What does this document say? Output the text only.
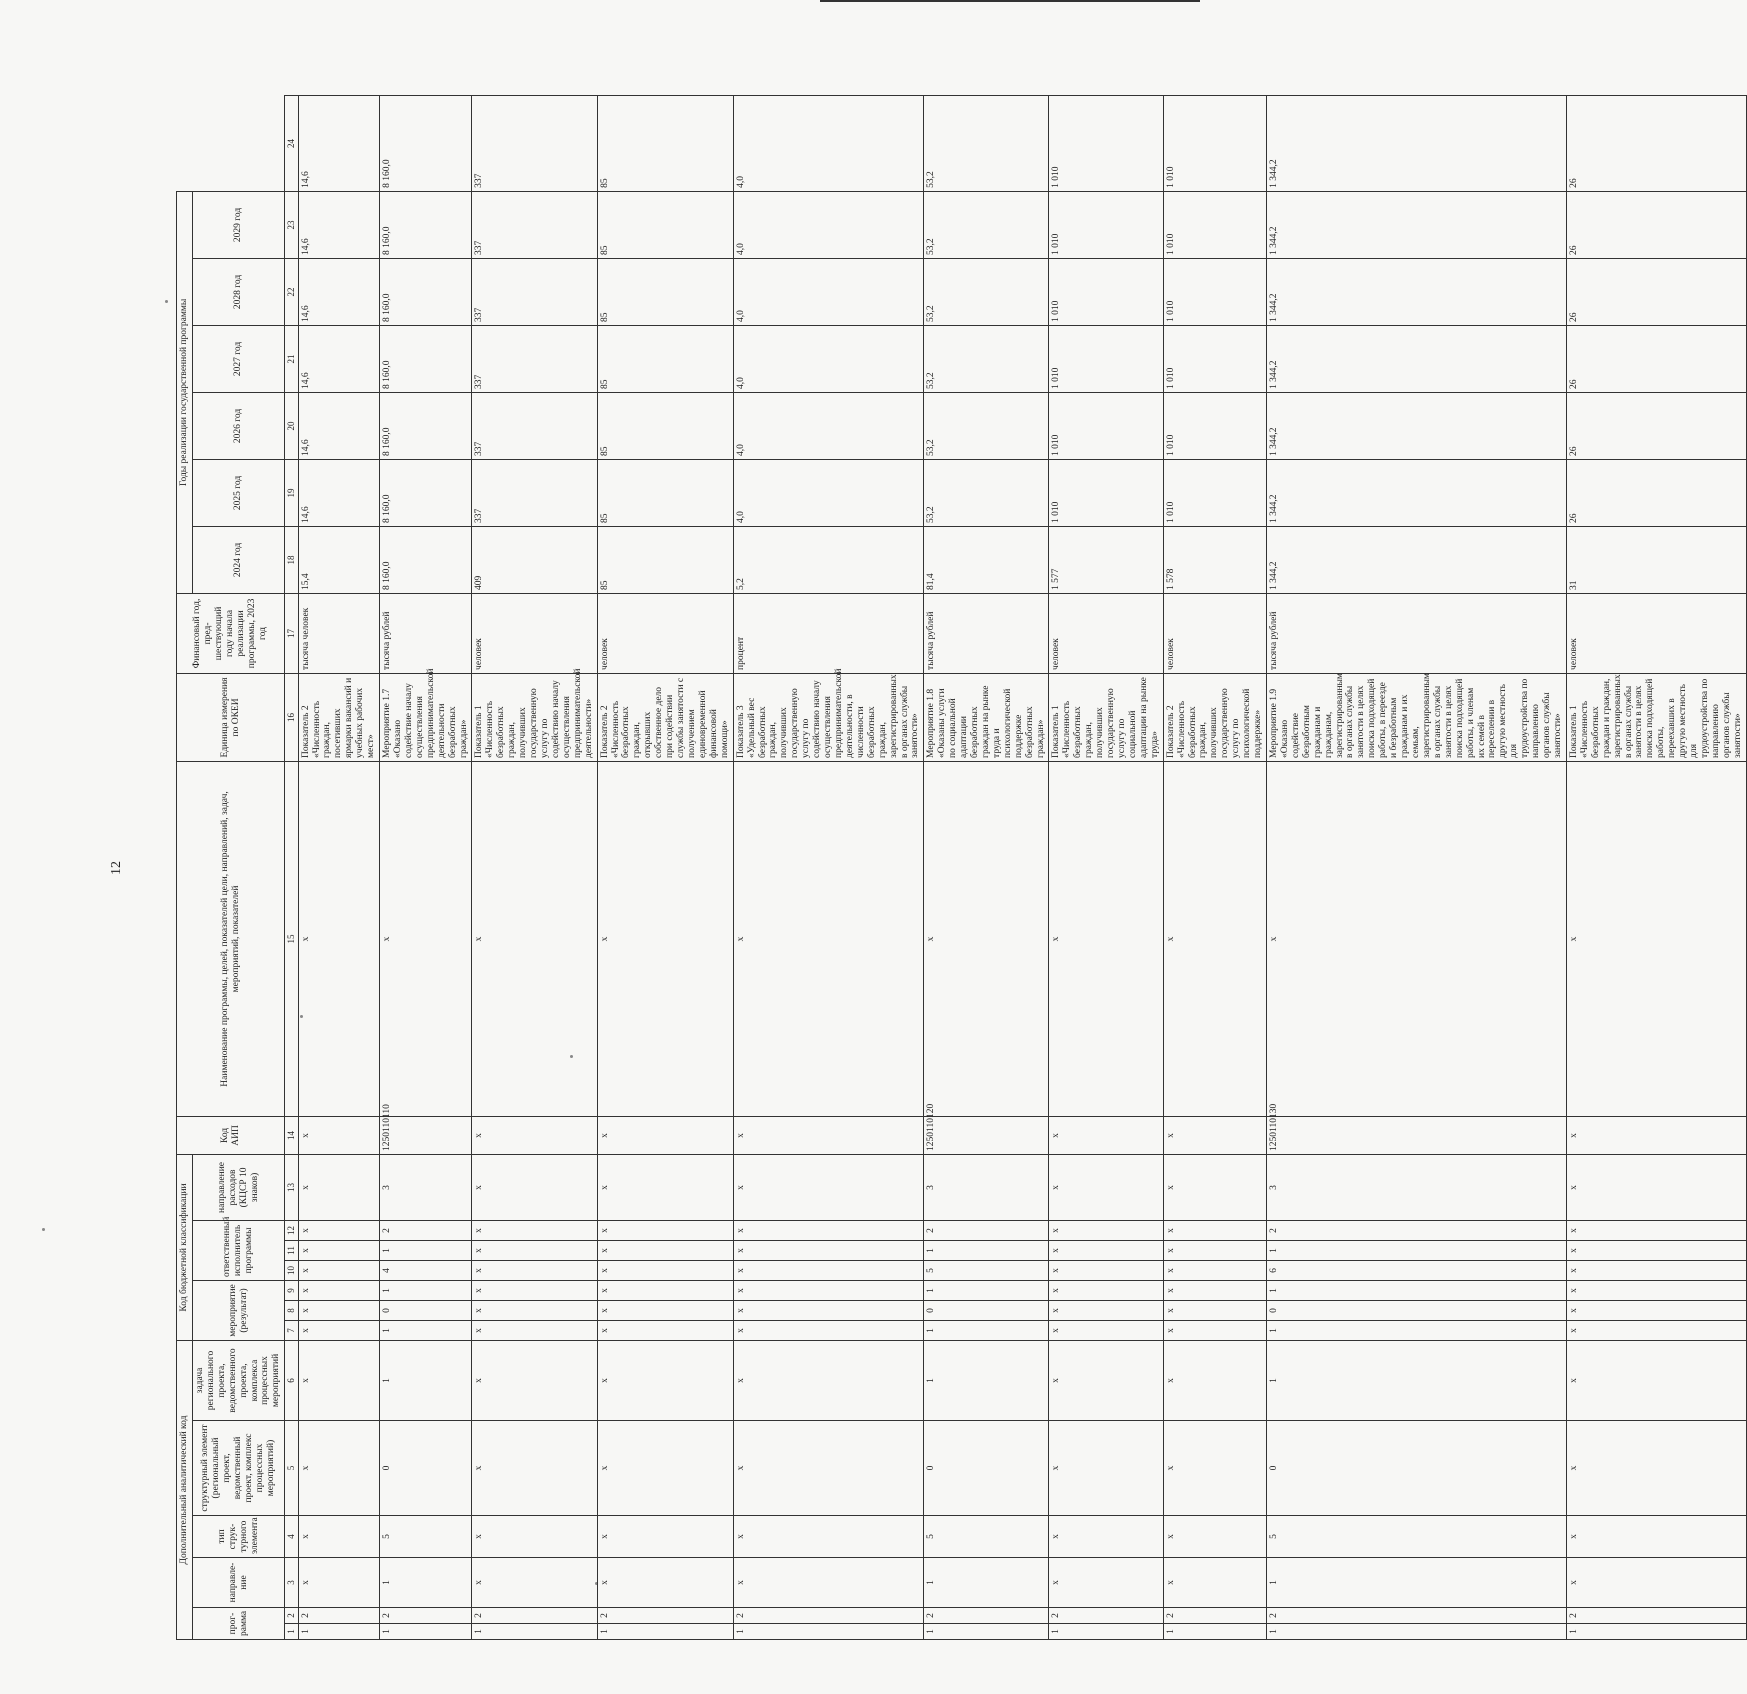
12
Дополнительный аналитический код						Код бюджетной классификации							Код АИП	Наименование программы, целей, показателей цели, направлений, задач, мероприятий, показателей	Единица измерения по ОКЕИ	Финансовый год, пред-шествующий году начала реализации программы, 2023 год	Годы реализации государственной программы						
прог-рамма		направле-ние	тип струк-турного элемента	структурный элемент (региональный проект, ведомственный проект, комплекс процессных мероприятий)	задача регионального проекта, ведомственного проекта, комплекса процессных мероприятий	мероприятие (результат)			ответственный исполнитель программы			направление расходов (КЦСР 10 знаков)					2024 год	2025 год	2026 год	2027 год	2028 год	2029 год	
1	2	3	4	5	6	7	8	9	10	11	12	13	14	15	16	17	18	19	20	21	22	23	24
1	2	x	x	x	x	x	x	x	x	x	x	x	x	x	Показатель 2 «Численность граждан, посетивших ярмарки вакансий и учебных рабочих мест»	тысяча человек	15,4	14,6	14,6	14,6	14,6	14,6	14,6
1	2	1	5	0	1	1	0	1	4	1	2	3	1250110110	x	Мероприятие 1.7 «Оказано содействие началу осуществления предпринимательской деятельности безработных граждан»	тысяча рублей	8 160,0	8 160,0	8 160,0	8 160,0	8 160,0	8 160,0	8 160,0
1	2	x	x	x	x	x	x	x	x	x	x	x	x	x	Показатель 1 «Численность безработных граждан, получивших государственную услугу по содействию началу осуществления предпринимательской деятельности»	человек	409	337	337	337	337	337	337
1	2	x	x	x	x	x	x	x	x	x	x	x	x	x	Показатель 2 «Численность безработных граждан, открывших собственное дело при содействии службы занятости с получением единовременной финансовой помощи»	человек	85	85	85	85	85	85	85
1	2	x	x	x	x	x	x	x	x	x	x	x	x	x	Показатель 3 «Удельный вес безработных граждан, получивших государственную услугу по содействию началу осуществления предпринимательской деятельности, в численности безработных граждан, зарегистрированных в органах службы занятости»	процент	5,2	4,0	4,0	4,0	4,0	4,0	4,0
1	2	1	5	0	1	1	0	1	5	1	2	3	1250110120	x	Мероприятие 1.8 «Оказаны услуги по социальной адаптации безработных граждан на рынке труда и психологической поддержке безработных граждан»	тысяча рублей	81,4	53,2	53,2	53,2	53,2	53,2	53,2
1	2	x	x	x	x	x	x	x	x	x	x	x	x	x	Показатель 1 «Численность безработных граждан, получивших государственную услугу по социальной адаптации на рынке труда»	человек	1 577	1 010	1 010	1 010	1 010	1 010	1 010
1	2	x	x	x	x	x	x	x	x	x	x	x	x	x	Показатель 2 «Численность безработных граждан, получивших государственную услугу по психологической поддержке»	человек	1 578	1 010	1 010	1 010	1 010	1 010	1 010
1	2	1	5	0	1	1	0	1	6	1	2	3	1250110130	x	Мероприятие 1.9 «Оказано содействие безработным гражданам и гражданам, зарегистрированным в органах службы занятости в целях поиска подходящей работы, в переезде и безработным гражданам и их семьям, зарегистрированным в органах службы занятости в целях поиска подходящей работы, и членам их семей в переселении в другую местность для трудоустройства по направлению органов службы занятости»	тысяча рублей	1 344,2	1 344,2	1 344,2	1 344,2	1 344,2	1 344,2	1 344,2
1	2	x	x	x	x	x	x	x	x	x	x	x	x	x	Показатель 1 «Численность безработных граждан и граждан, зарегистрированных в органах службы занятости в целях поиска подходящей работы, переехавших в другую местность для трудоустройства по направлению органов службы занятости»	человек	31	26	26	26	26	26	26
